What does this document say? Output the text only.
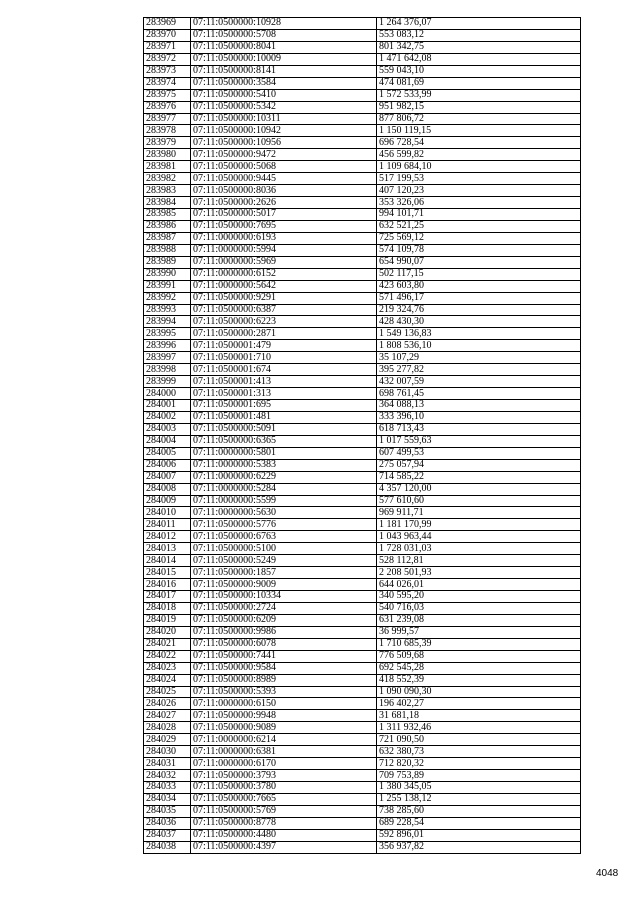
283969	07:11:0500000:10928	1 264 376,07
283970	07:11:0500000:5708	553 083,12
283971	07:11:0500000:8041	801 342,75
283972	07:11:0500000:10009	1 471 642,08
283973	07:11:0500000:8141	559 043,10
283974	07:11:0500000:3584	474 081,69
283975	07:11:0500000:5410	1 572 533,99
283976	07:11:0500000:5342	951 982,15
283977	07:11:0500000:10311	877 806,72
283978	07:11:0500000:10942	1 150 119,15
283979	07:11:0500000:10956	696 728,54
283980	07:11:0500000:9472	456 599,82
283981	07:11:0500000:5068	1 109 684,10
283982	07:11:0500000:9445	517 199,53
283983	07:11:0500000:8036	407 120,23
283984	07:11:0500000:2626	353 326,06
283985	07:11:0500000:5017	994 101,71
283986	07:11:0500000:7695	632 521,25
283987	07:11:0000000:6193	725 569,12
283988	07:11:0000000:5994	574 109,78
283989	07:11:0000000:5969	654 990,07
283990	07:11:0000000:6152	502 117,15
283991	07:11:0000000:5642	423 603,80
283992	07:11:0500000:9291	571 496,17
283993	07:11:0500000:6387	219 324,76
283994	07:11:0500000:6223	428 430,30
283995	07:11:0500000:2871	1 549 136,83
283996	07:11:0500001:479	1 808 536,10
283997	07:11:0500001:710	35 107,29
283998	07:11:0500001:674	395 277,82
283999	07:11:0500001:413	432 007,59
284000	07:11:0500001:313	698 761,45
284001	07:11:0500001:695	364 088,13
284002	07:11:0500001:481	333 396,10
284003	07:11:0500000:5091	618 713,43
284004	07:11:0500000:6365	1 017 559,63
284005	07:11:0000000:5801	607 499,53
284006	07:11:0000000:5383	275 057,94
284007	07:11:0000000:6229	714 585,22
284008	07:11:0000000:5284	4 357 120,00
284009	07:11:0000000:5599	577 610,60
284010	07:11:0000000:5630	969 911,71
284011	07:11:0500000:5776	1 181 170,99
284012	07:11:0500000:6763	1 043 963,44
284013	07:11:0500000:5100	1 728 031,03
284014	07:11:0500000:5249	528 112,81
284015	07:11:0500000:1857	2 208 501,93
284016	07:11:0500000:9009	644 026,01
284017	07:11:0500000:10334	340 595,20
284018	07:11:0500000:2724	540 716,03
284019	07:11:0500000:6209	631 239,08
284020	07:11:0500000:9986	36 999,57
284021	07:11:0500000:6078	1 710 685,39
284022	07:11:0500000:7441	776 509,68
284023	07:11:0500000:9584	692 545,28
284024	07:11:0500000:8989	418 552,39
284025	07:11:0500000:5393	1 090 090,30
284026	07:11:0000000:6150	196 402,27
284027	07:11:0500000:9948	31 681,18
284028	07:11:0500000:9089	1 311 932,46
284029	07:11:0000000:6214	721 090,50
284030	07:11:0000000:6381	632 380,73
284031	07:11:0000000:6170	712 820,32
284032	07:11:0500000:3793	709 753,89
284033	07:11:0500000:3780	1 380 345,05
284034	07:11:0500000:7665	1 255 138,12
284035	07:11:0500000:5769	738 285,60
284036	07:11:0500000:8778	689 228,54
284037	07:11:0500000:4480	592 896,01
284038	07:11:0500000:4397	356 937,82
4048
